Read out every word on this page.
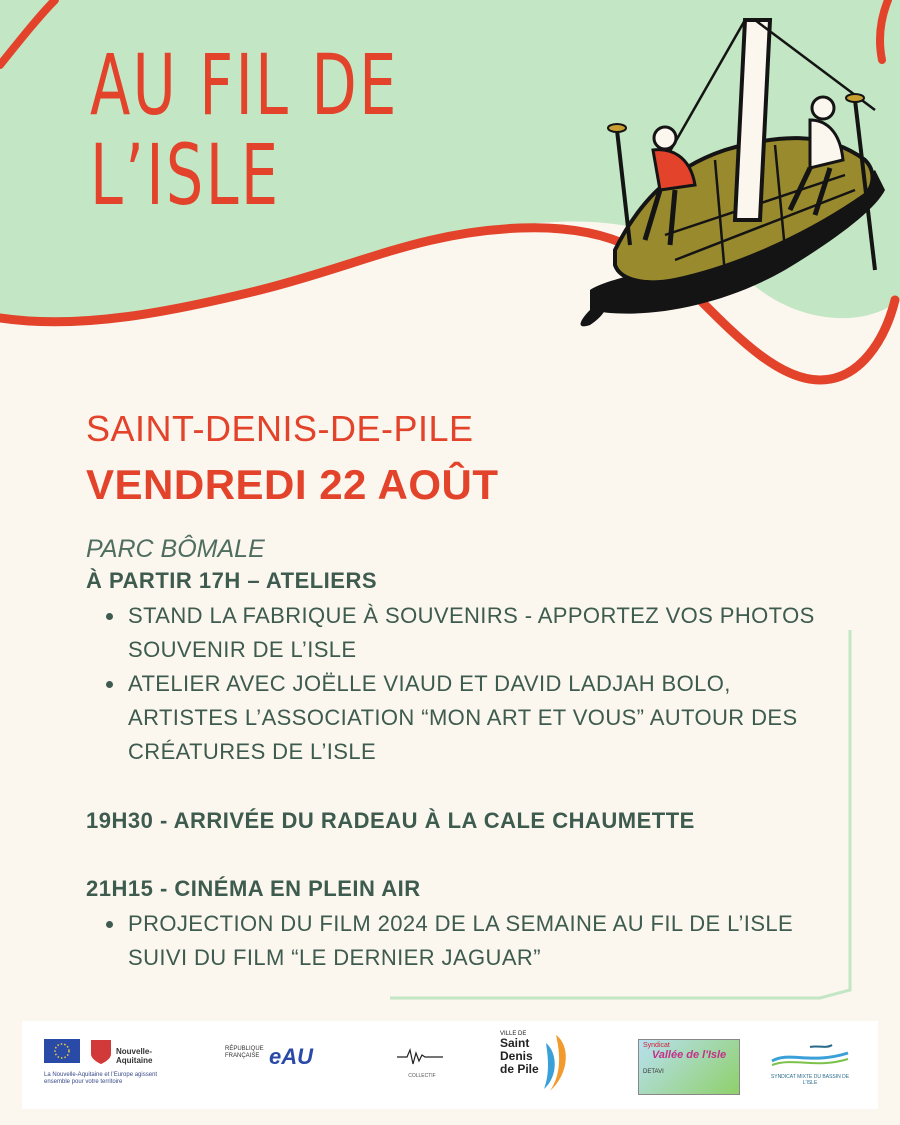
AU FIL DE
L’ISLE

SAINT-DENIS-DE-PILE

VENDREDI 22 AOÛT

PARC BÔMALE

À PARTIR 17H – ATELIERS

STAND LA FABRIQUE À SOUVENIRS - APPORTEZ VOS PHOTOS SOUVENIR DE L’ISLE
ATELIER AVEC JOËLLE VIAUD ET DAVID LADJAH BOLO, ARTISTES L’ASSOCIATION “MON ART ET VOUS” AUTOUR DES CRÉATURES DE L’ISLE

19H30 - ARRIVÉE DU RADEAU À LA CALE CHAUMETTE

21H15 - CINÉMA EN PLEIN AIR

PROJECTION DU FILM 2024 DE LA SEMAINE AU FIL DE L’ISLE SUIVI DU FILM “LE DERNIER JAGUAR”
Nouvelle-Aquitaine
La Nouvelle-Aquitaine et l’Europe agissent ensemble pour votre territoire
RÉPUBLIQUE FRANÇAISE eAU
COLLECTIF
VILLE DE
Saint
Denis
de Pile
Syndicat
Vallée de l'Isle
DETAVI
SYNDICAT MIXTE DU BASSIN DE L'ISLE
